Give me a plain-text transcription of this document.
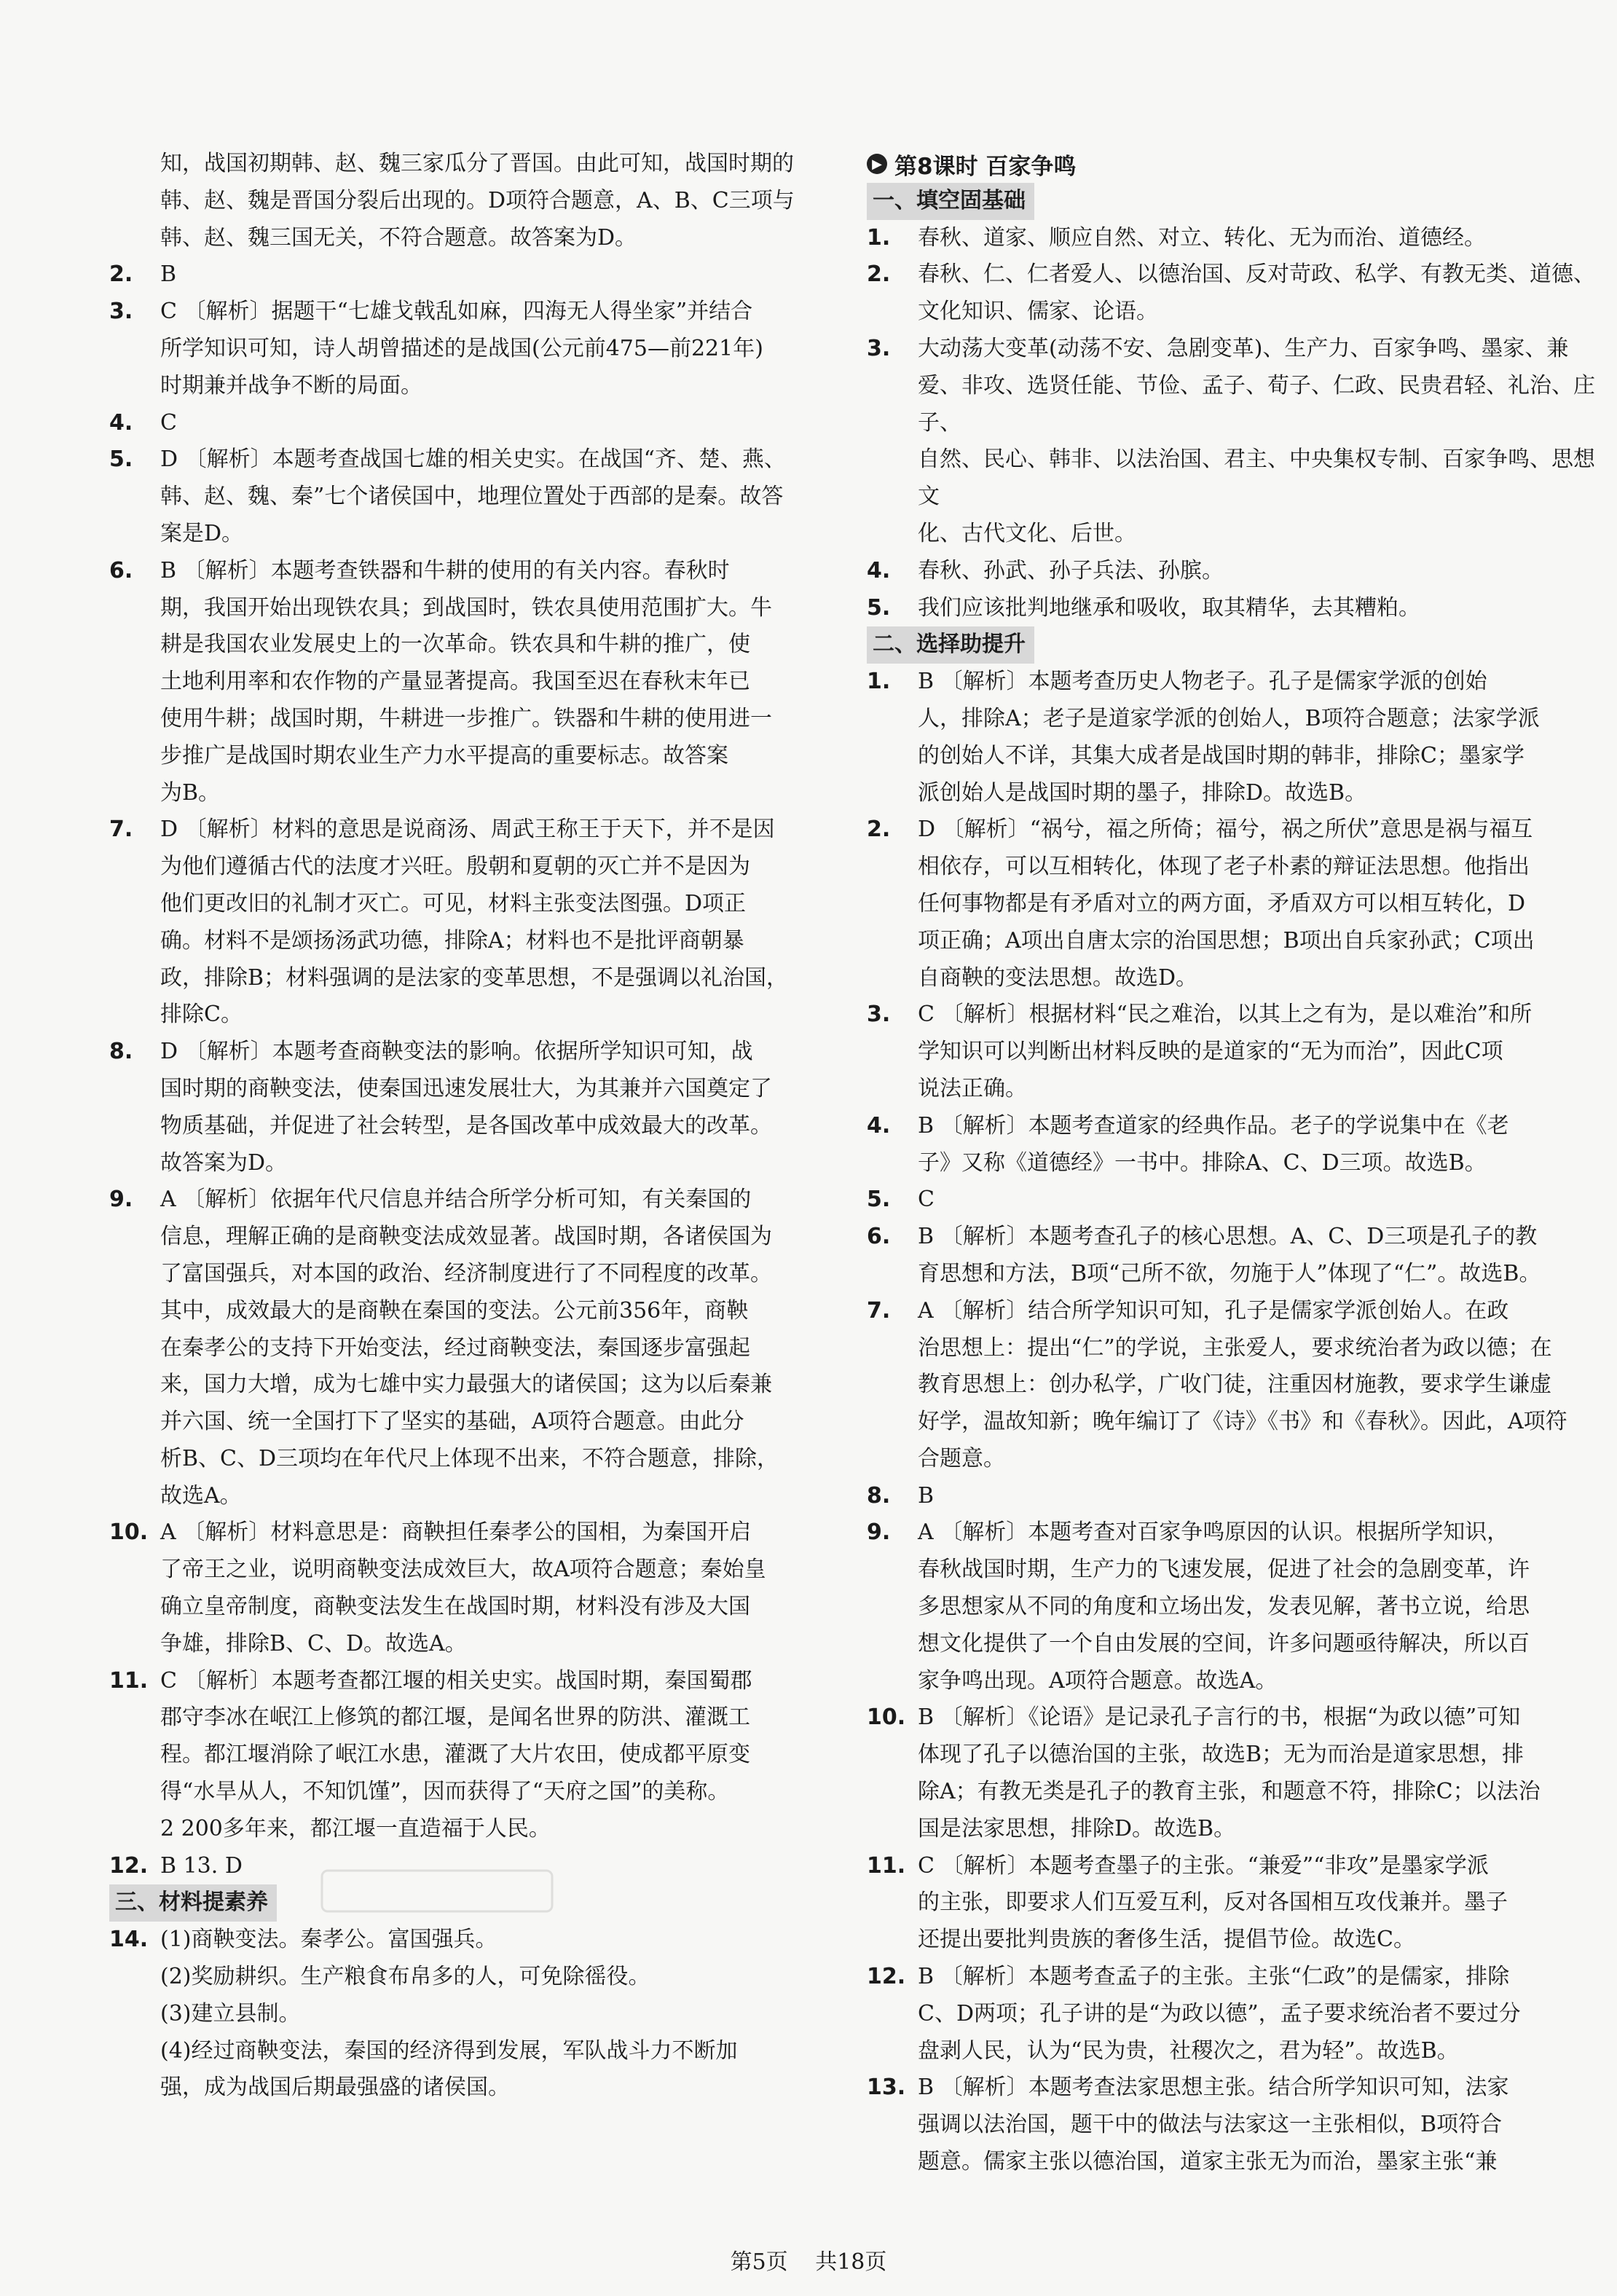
知，战国初期韩、赵、魏三家瓜分了晋国。由此可知，战国时期的
韩、赵、魏是晋国分裂后出现的。D项符合题意，A、B、C三项与
韩、赵、魏三国无关，不符合题意。故答案为D。
2.	B
3.	C 〔解析〕据题干“七雄戈戟乱如麻，四海无人得坐家”并结合
所学知识可知，诗人胡曾描述的是战国(公元前475—前221年)
时期兼并战争不断的局面。
4.	C
5.	D 〔解析〕本题考查战国七雄的相关史实。在战国“齐、楚、燕、
韩、赵、魏、秦”七个诸侯国中，地理位置处于西部的是秦。故答
案是D。
6.	B 〔解析〕本题考查铁器和牛耕的使用的有关内容。春秋时
期，我国开始出现铁农具；到战国时，铁农具使用范围扩大。牛
耕是我国农业发展史上的一次革命。铁农具和牛耕的推广，使
土地利用率和农作物的产量显著提高。我国至迟在春秋末年已
使用牛耕；战国时期，牛耕进一步推广。铁器和牛耕的使用进一
步推广是战国时期农业生产力水平提高的重要标志。故答案
为B。
7.	D 〔解析〕材料的意思是说商汤、周武王称王于天下，并不是因
为他们遵循古代的法度才兴旺。殷朝和夏朝的灭亡并不是因为
他们更改旧的礼制才灭亡。可见，材料主张变法图强。D项正
确。材料不是颂扬汤武功德，排除A；材料也不是批评商朝暴
政，排除B；材料强调的是法家的变革思想，不是强调以礼治国，
排除C。
8.	D 〔解析〕本题考查商鞅变法的影响。依据所学知识可知，战
国时期的商鞅变法，使秦国迅速发展壮大，为其兼并六国奠定了
物质基础，并促进了社会转型，是各国改革中成效最大的改革。
故答案为D。
9.	A 〔解析〕依据年代尺信息并结合所学分析可知，有关秦国的
信息，理解正确的是商鞅变法成效显著。战国时期，各诸侯国为
了富国强兵，对本国的政治、经济制度进行了不同程度的改革。
其中，成效最大的是商鞅在秦国的变法。公元前356年，商鞅
在秦孝公的支持下开始变法，经过商鞅变法，秦国逐步富强起
来，国力大增，成为七雄中实力最强大的诸侯国；这为以后秦兼
并六国、统一全国打下了坚实的基础，A项符合题意。由此分
析B、C、D三项均在年代尺上体现不出来，不符合题意，排除，
故选A。
10. A 〔解析〕材料意思是：商鞅担任秦孝公的国相，为秦国开启
了帝王之业，说明商鞅变法成效巨大，故A项符合题意；秦始皇
确立皇帝制度，商鞅变法发生在战国时期，材料没有涉及大国
争雄，排除B、C、D。故选A。
11. C 〔解析〕本题考查都江堰的相关史实。战国时期，秦国蜀郡
郡守李冰在岷江上修筑的都江堰，是闻名世界的防洪、灌溉工
程。都江堰消除了岷江水患，灌溉了大片农田，使成都平原变
得“水旱从人，不知饥馑”，因而获得了“天府之国”的美称。
2 200多年来，都江堰一直造福于人民。
12. B 13. D
三、材料提素养
14. (1)商鞅变法。秦孝公。富国强兵。
(2)奖励耕织。生产粮食布帛多的人，可免除徭役。
(3)建立县制。
(4)经过商鞅变法，秦国的经济得到发展，军队战斗力不断加
强，成为战国后期最强盛的诸侯国。
▶ 第8课时 百家争鸣
一、填空固基础
1.	春秋、道家、顺应自然、对立、转化、无为而治、道德经。
2.	春秋、仁、仁者爱人、以德治国、反对苛政、私学、有教无类、道德、
文化知识、儒家、论语。
3.	大动荡大变革(动荡不安、急剧变革)、生产力、百家争鸣、墨家、兼
爱、非攻、选贤任能、节俭、孟子、荀子、仁政、民贵君轻、礼治、庄子、
自然、民心、韩非、以法治国、君主、中央集权专制、百家争鸣、思想文
化、古代文化、后世。
4.	春秋、孙武、孙子兵法、孙膑。
5.	我们应该批判地继承和吸收，取其精华，去其糟粕。
二、选择助提升
1.	B 〔解析〕本题考查历史人物老子。孔子是儒家学派的创始
人，排除A；老子是道家学派的创始人，B项符合题意；法家学派
的创始人不详，其集大成者是战国时期的韩非，排除C；墨家学
派创始人是战国时期的墨子，排除D。故选B。
2.	D 〔解析〕“祸兮，福之所倚；福兮，祸之所伏”意思是祸与福互
相依存，可以互相转化，体现了老子朴素的辩证法思想。他指出
任何事物都是有矛盾对立的两方面，矛盾双方可以相互转化，D
项正确；A项出自唐太宗的治国思想；B项出自兵家孙武；C项出
自商鞅的变法思想。故选D。
3.	C 〔解析〕根据材料“民之难治，以其上之有为，是以难治”和所
学知识可以判断出材料反映的是道家的“无为而治”，因此C项
说法正确。
4.	B 〔解析〕本题考查道家的经典作品。老子的学说集中在《老
子》又称《道德经》一书中。排除A、C、D三项。故选B。
5.	C
6.	B 〔解析〕本题考查孔子的核心思想。A、C、D三项是孔子的教
育思想和方法，B项“己所不欲，勿施于人”体现了“仁”。故选B。
7.	A 〔解析〕结合所学知识可知，孔子是儒家学派创始人。在政
治思想上：提出“仁”的学说，主张爱人，要求统治者为政以德；在
教育思想上：创办私学，广收门徒，注重因材施教，要求学生谦虚
好学，温故知新；晚年编订了《诗》《书》和《春秋》。因此，A项符
合题意。
8.	B
9.	A 〔解析〕本题考查对百家争鸣原因的认识。根据所学知识，
春秋战国时期，生产力的飞速发展，促进了社会的急剧变革，许
多思想家从不同的角度和立场出发，发表见解，著书立说，给思
想文化提供了一个自由发展的空间，许多问题亟待解决，所以百
家争鸣出现。A项符合题意。故选A。
10. B 〔解析〕《论语》是记录孔子言行的书，根据“为政以德”可知
体现了孔子以德治国的主张，故选B；无为而治是道家思想，排
除A；有教无类是孔子的教育主张，和题意不符，排除C；以法治
国是法家思想，排除D。故选B。
11. C 〔解析〕本题考查墨子的主张。“兼爱”“非攻”是墨家学派
的主张，即要求人们互爱互利，反对各国相互攻伐兼并。墨子
还提出要批判贵族的奢侈生活，提倡节俭。故选C。
12. B 〔解析〕本题考查孟子的主张。主张“仁政”的是儒家，排除
C、D两项；孔子讲的是“为政以德”，孟子要求统治者不要过分
盘剥人民，认为“民为贵，社稷次之，君为轻”。故选B。
13. B 〔解析〕本题考查法家思想主张。结合所学知识可知，法家
强调以法治国，题干中的做法与法家这一主张相似，B项符合
题意。儒家主张以德治国，道家主张无为而治，墨家主张“兼
第5页 共18页
